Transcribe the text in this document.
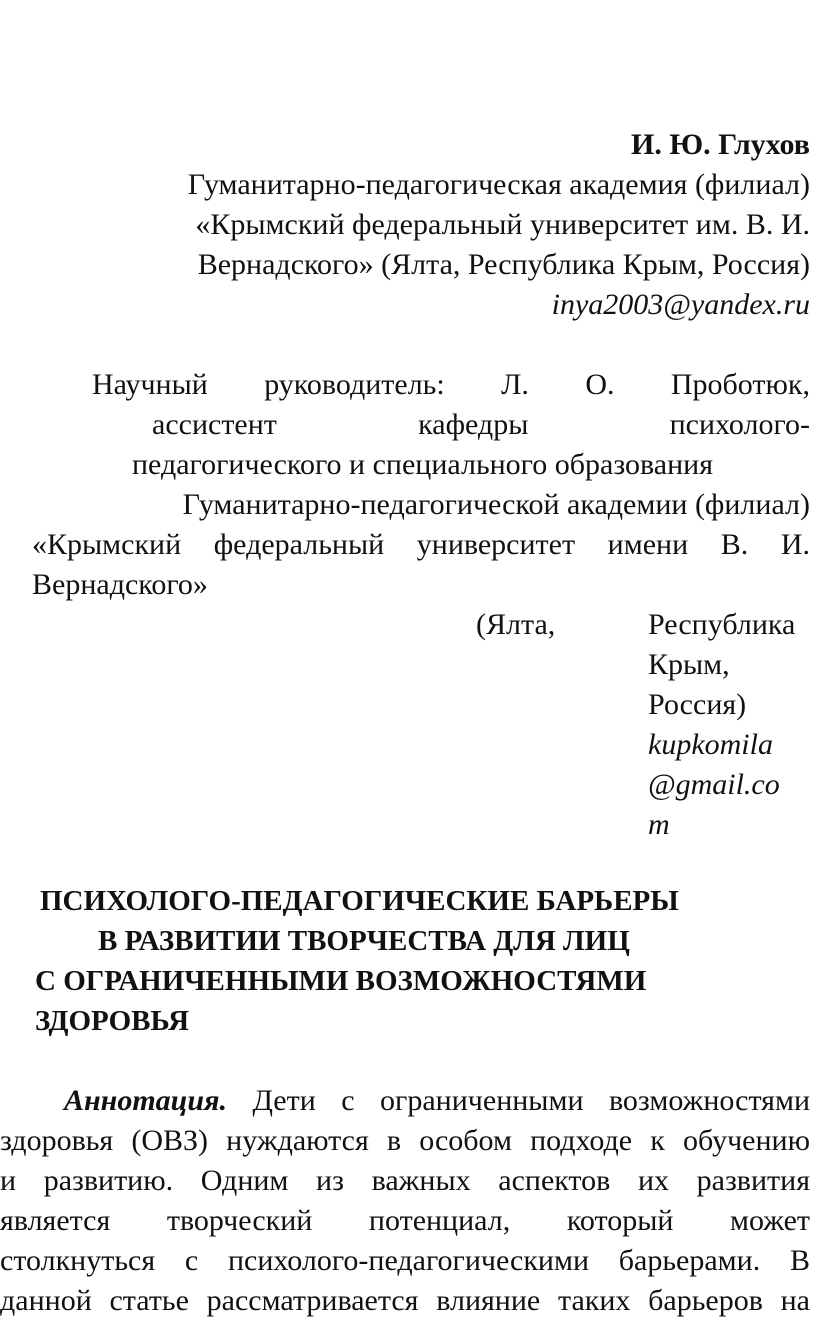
И. Ю. Глухов
Гуманитарно-педагогическая академия (филиал)
«Крымский федеральный университет им. В. И.
Вернадского» (Ялта, Республика Крым, Россия)
inya2003@yandex.ru
Научный руководитель: Л. О. Проботюк,
ассистент кафедры психолого-
педагогического и специального образования
Гуманитарно-педагогической академии (филиал)
«Крымский федеральный университет имени В. И.
Вернадского»
(Ялта,	Республика
Крым,
Россия)
kupkomila
@gmail.co
m
ПСИХОЛОГО-ПЕДАГОГИЧЕСКИЕ БАРЬЕРЫ
В РАЗВИТИИ ТВОРЧЕСТВА ДЛЯ ЛИЦ
С ОГРАНИЧЕННЫМИ ВОЗМОЖНОСТЯМИ
ЗДОРОВЬЯ
Аннотация. Дети с ограниченными возможностями
здоровья (ОВЗ) нуждаются в особом подходе к обучению
и развитию. Одним из важных аспектов их развития
является творческий потенциал, который может
столкнуться с психолого-педагогическими барьерами. В
данной статье рассматривается влияние таких барьеров на
